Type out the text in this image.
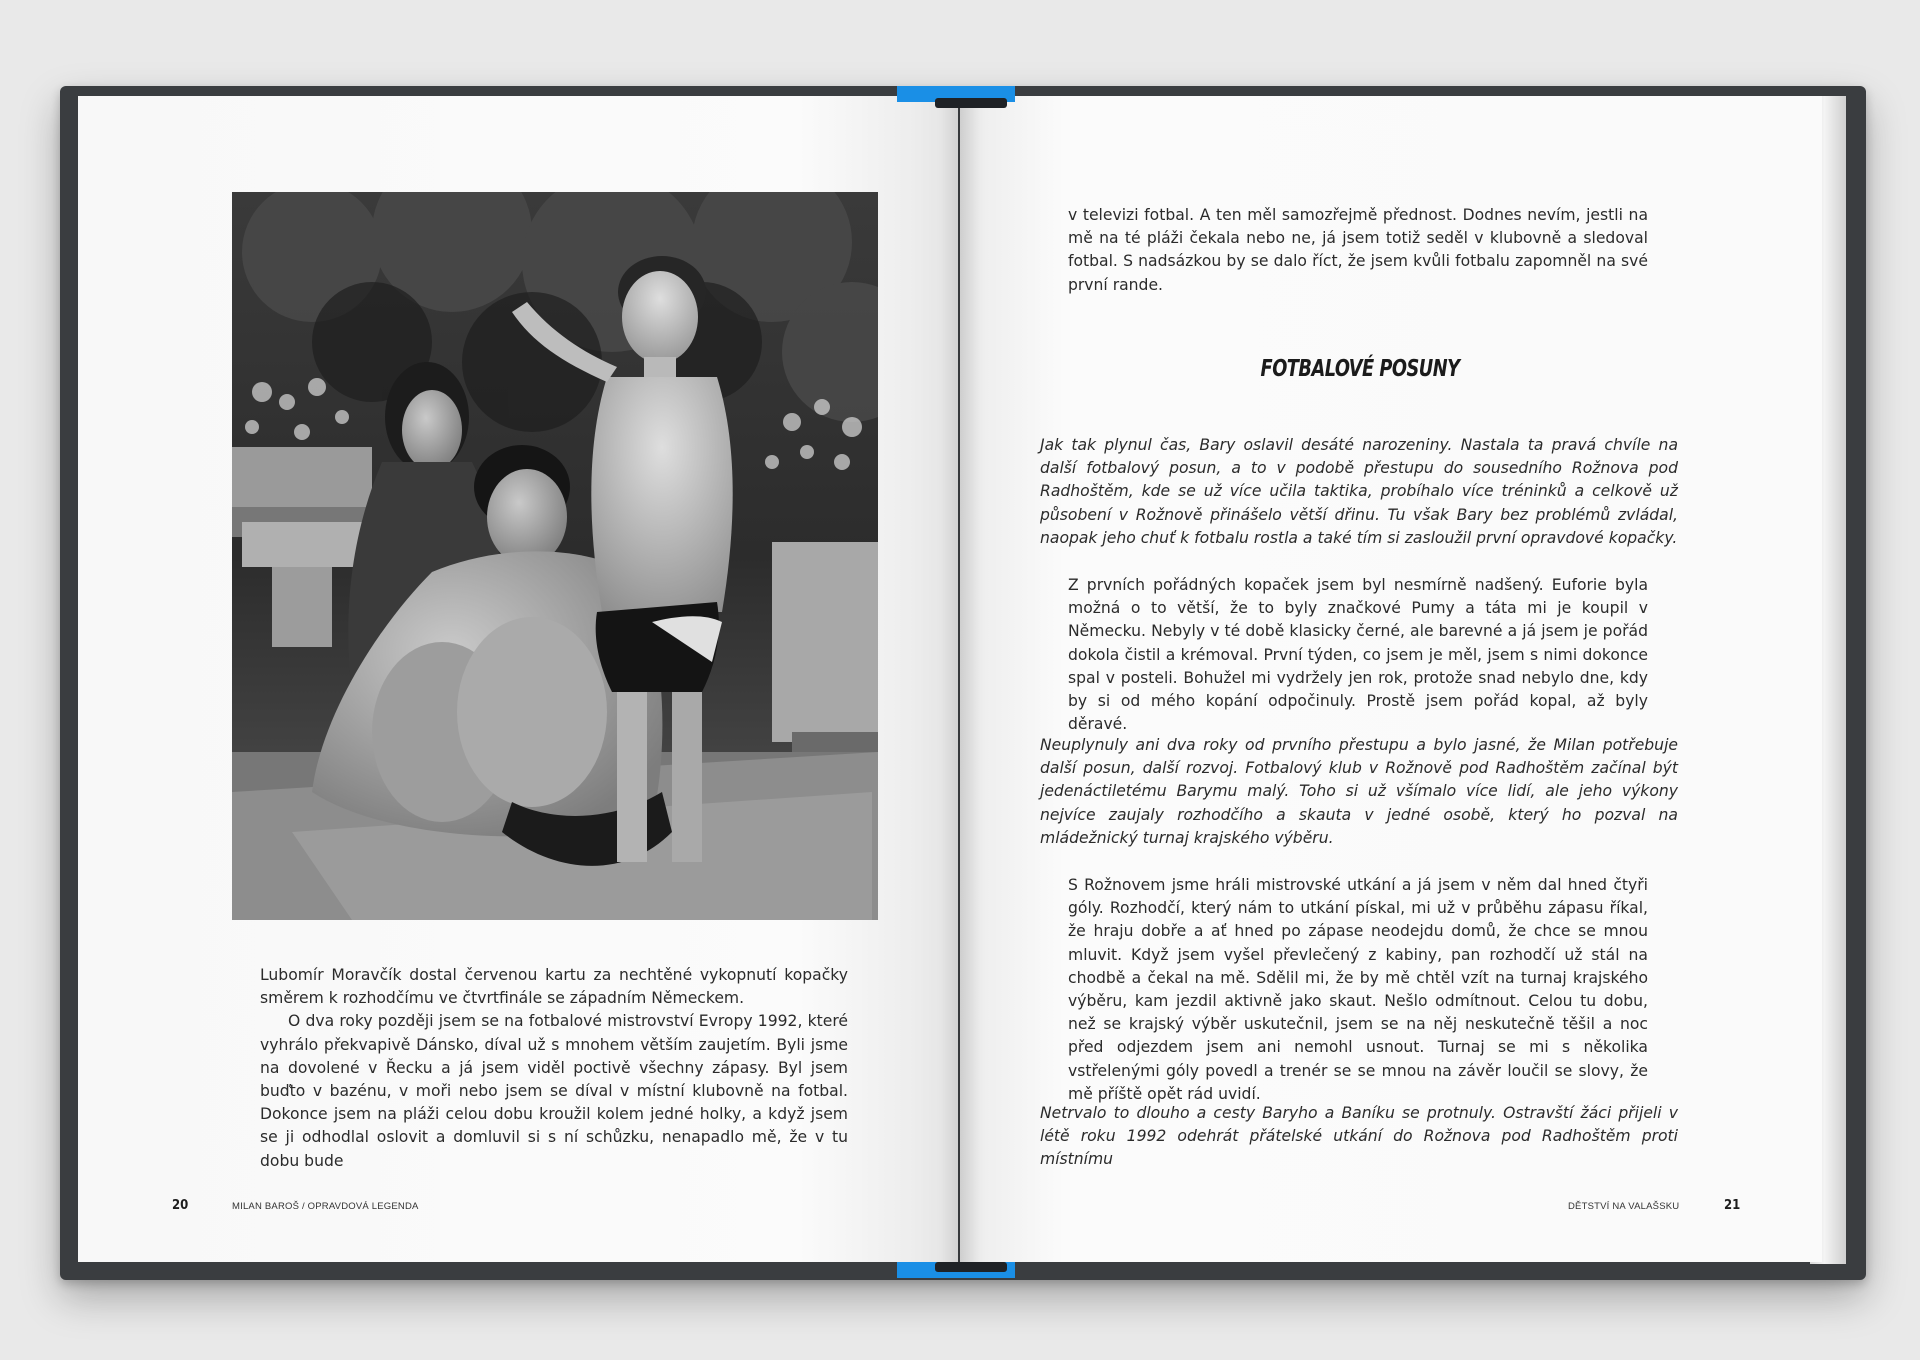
Lubomír Moravčík dostal červenou kartu za nechtěné vykopnutí kopačky směrem k rozhodčímu ve čtvrtfinále se západním Německem.

O dva roky později jsem se na fotbalové mistrovství Evropy 1992, které vyhrálo překvapivě Dánsko, díval už s mnohem větším zaujetím. Byli jsme na dovolené v Řecku a já jsem viděl poctivě všechny zápasy. Byl jsem buďto v bazénu, v moři nebo jsem se díval v místní klubovně na fotbal. Dokonce jsem na pláži celou dobu kroužil kolem jedné holky, a když jsem se ji odhodlal oslovit a domluvil si s ní schůzku, nenapadlo mě, že v tu dobu bude

20	MILAN BAROŠ / OPRAVDOVÁ LEGENDA

v televizi fotbal. A ten měl samozřejmě přednost. Dodnes nevím, jestli na mě na té pláži čekala nebo ne, já jsem totiž seděl v klubovně a sledoval fotbal. S nadsázkou by se dalo říct, že jsem kvůli fotbalu zapomněl na své první rande.

FOTBALOVÉ POSUNY

Jak tak plynul čas, Bary oslavil desáté narozeniny. Nastala ta pravá chvíle na další fotbalový posun, a to v podobě přestupu do sousedního Rožnova pod Radhoštěm, kde se už více učila taktika, probíhalo více tréninků a celkově už působení v Rožnově přinášelo větší dřinu. Tu však Bary bez problémů zvládal, naopak jeho chuť k fotbalu rostla a také tím si zasloužil první opravdové kopačky.

Z prvních pořádných kopaček jsem byl nesmírně nadšený. Euforie byla možná o to větší, že to byly značkové Pumy a táta mi je koupil v Německu. Nebyly v té době klasicky černé, ale barevné a já jsem je pořád dokola čistil a krémoval. První týden, co jsem je měl, jsem s nimi dokonce spal v posteli. Bohužel mi vydržely jen rok, protože snad nebylo dne, kdy by si od mého kopání odpočinuly. Prostě jsem pořád kopal, až byly děravé.

Neuplynuly ani dva roky od prvního přestupu a bylo jasné, že Milan potřebuje další posun, další rozvoj. Fotbalový klub v Rožnově pod Radhoštěm začínal být jedenáctiletému Barymu malý. Toho si už všímalo více lidí, ale jeho výkony nejvíce zaujaly rozhodčího a skauta v jedné osobě, který ho pozval na mládežnický turnaj krajského výběru.

S Rožnovem jsme hráli mistrovské utkání a já jsem v něm dal hned čtyři góly. Rozhodčí, který nám to utkání pískal, mi už v průběhu zápasu říkal, že hraju dobře a ať hned po zápase neodejdu domů, že chce se mnou mluvit. Když jsem vyšel převlečený z kabiny, pan rozhodčí už stál na chodbě a čekal na mě. Sdělil mi, že by mě chtěl vzít na turnaj krajského výběru, kam jezdil aktivně jako skaut. Nešlo odmítnout. Celou tu dobu, než se krajský výběr uskutečnil, jsem se na něj neskutečně těšil a noc před odjezdem jsem ani nemohl usnout. Turnaj se mi s několika vstřelenými góly povedl a trenér se se mnou na závěr loučil se slovy, že mě příště opět rád uvidí.

Netrvalo to dlouho a cesty Baryho a Baníku se protnuly. Ostravští žáci přijeli v létě roku 1992 odehrát přátelské utkání do Rožnova pod Radhoštěm proti místnímu

DĚTSTVÍ NA VALAŠSKU	21
